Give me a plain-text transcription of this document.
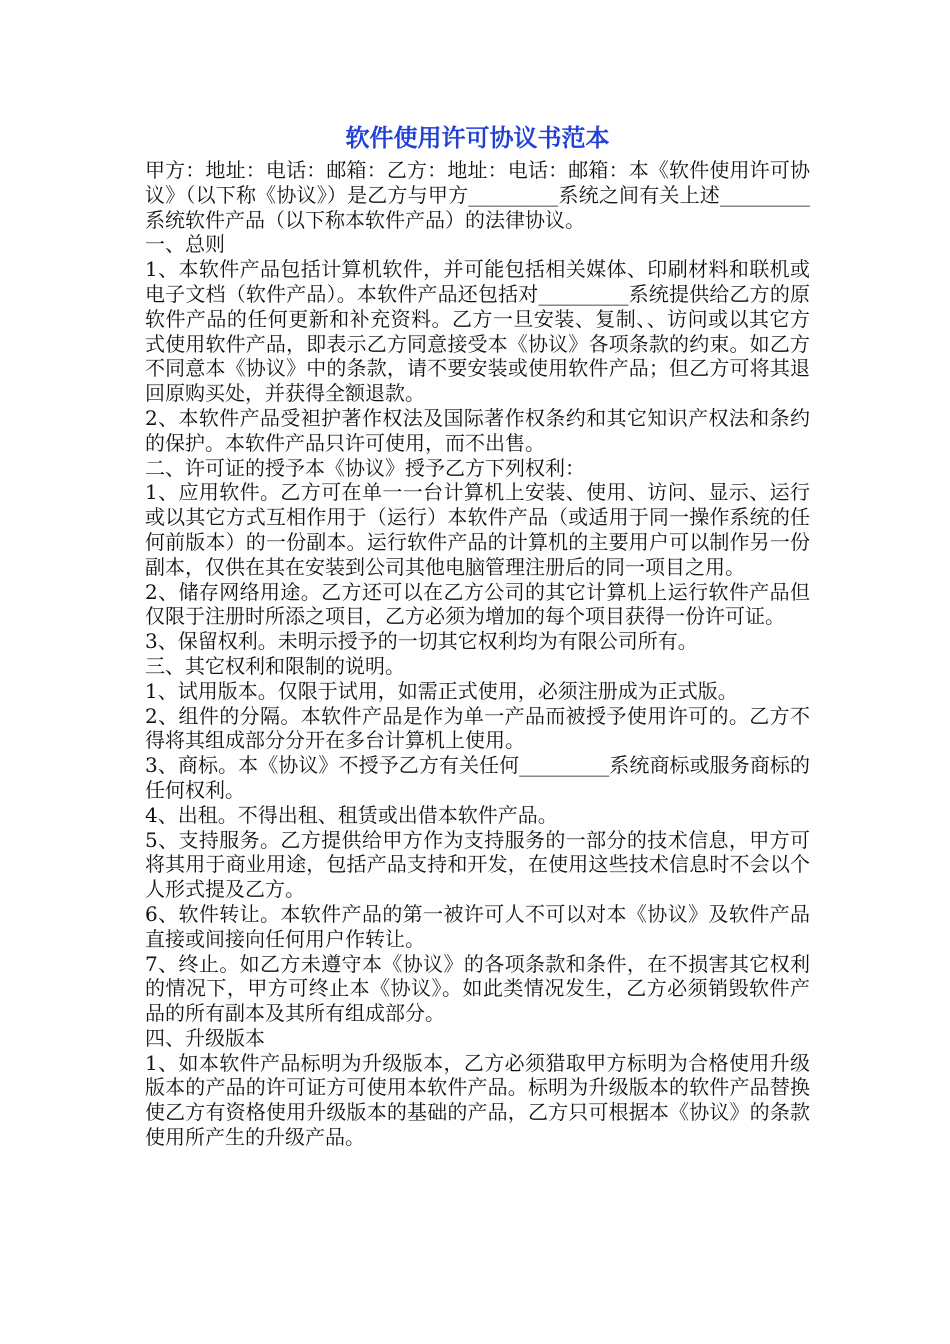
软件使用许可协议书范本

甲方：地址：电话：邮箱：乙方：地址：电话：邮箱：本《软件使用许可协议》（以下称《协议》）是乙方与甲方_________系统之间有关上述_________系统软件产品（以下称本软件产品）的法律协议。

一、总则

1、本软件产品包括计算机软件，并可能包括相关媒体、印刷材料和联机或电子文档（软件产品）。本软件产品还包括对_________系统提供给乙方的原软件产品的任何更新和补充资料。乙方一旦安装、复制、、访问或以其它方式使用软件产品，即表示乙方同意接受本《协议》各项条款的约束。如乙方不同意本《协议》中的条款，请不要安装或使用软件产品；但乙方可将其退回原购买处，并获得全额退款。

2、本软件产品受袒护著作权法及国际著作权条约和其它知识产权法和条约的保护。本软件产品只许可使用，而不出售。

二、许可证的授予本《协议》授予乙方下列权利：

1、应用软件。乙方可在单一一台计算机上安装、使用、访问、显示、运行或以其它方式互相作用于（运行）本软件产品（或适用于同一操作系统的任何前版本）的一份副本。运行软件产品的计算机的主要用户可以制作另一份副本，仅供在其在安装到公司其他电脑管理注册后的同一项目之用。

2、储存网络用途。乙方还可以在乙方公司的其它计算机上运行软件产品但仅限于注册时所添之项目，乙方必须为增加的每个项目获得一份许可证。

3、保留权利。未明示授予的一切其它权利均为有限公司所有。

三、其它权利和限制的说明。

1、试用版本。仅限于试用，如需正式使用，必须注册成为正式版。

2、组件的分隔。本软件产品是作为单一产品而被授予使用许可的。乙方不得将其组成部分分开在多台计算机上使用。

3、商标。本《协议》不授予乙方有关任何_________系统商标或服务商标的任何权利。

4、出租。不得出租、租赁或出借本软件产品。

5、支持服务。乙方提供给甲方作为支持服务的一部分的技术信息，甲方可将其用于商业用途，包括产品支持和开发，在使用这些技术信息时不会以个人形式提及乙方。

6、软件转让。本软件产品的第一被许可人不可以对本《协议》及软件产品直接或间接向任何用户作转让。

7、终止。如乙方未遵守本《协议》的各项条款和条件，在不损害其它权利的情况下，甲方可终止本《协议》。如此类情况发生，乙方必须销毁软件产品的所有副本及其所有组成部分。

四、升级版本

1、如本软件产品标明为升级版本，乙方必须猎取甲方标明为合格使用升级版本的产品的许可证方可使用本软件产品。标明为升级版本的软件产品替换使乙方有资格使用升级版本的基础的产品，乙方只可根据本《协议》的条款使用所产生的升级产品。
